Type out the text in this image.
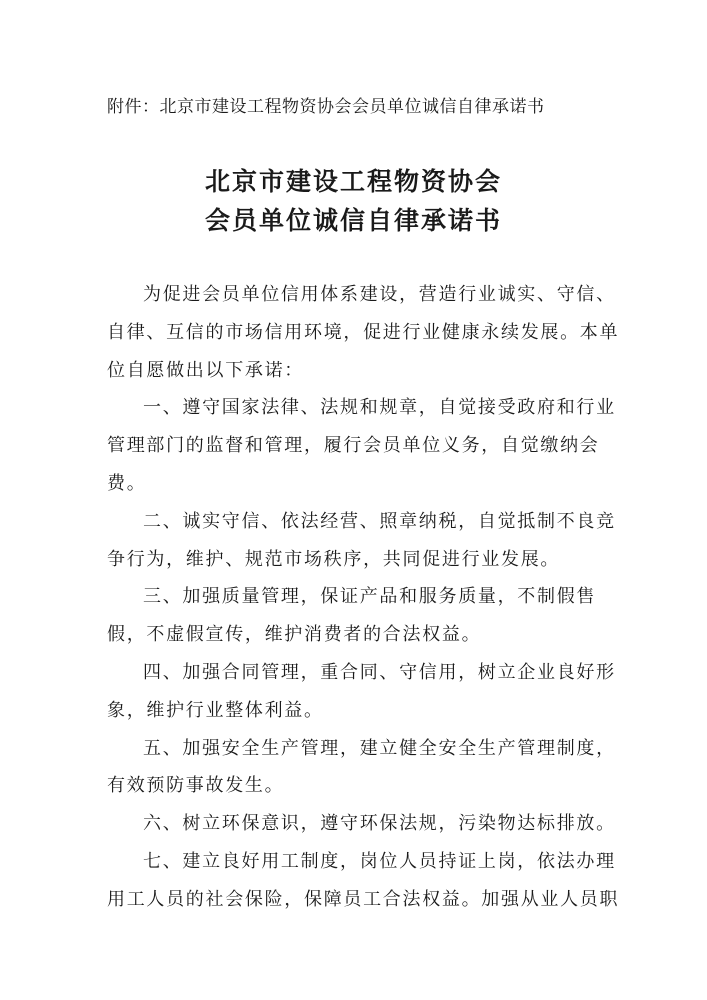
附件：北京市建设工程物资协会会员单位诚信自律承诺书
北京市建设工程物资协会
会员单位诚信自律承诺书

为促进会员单位信用体系建设，营造行业诚实、守信、自律、互信的市场信用环境，促进行业健康永续发展。本单位自愿做出以下承诺：

一、遵守国家法律、法规和规章，自觉接受政府和行业管理部门的监督和管理，履行会员单位义务，自觉缴纳会费。

二、诚实守信、依法经营、照章纳税，自觉抵制不良竞争行为，维护、规范市场秩序，共同促进行业发展。

三、加强质量管理，保证产品和服务质量，不制假售假，不虚假宣传，维护消费者的合法权益。

四、加强合同管理，重合同、守信用，树立企业良好形象，维护行业整体利益。

五、加强安全生产管理，建立健全安全生产管理制度，有效预防事故发生。

六、树立环保意识，遵守环保法规，污染物达标排放。

七、建立良好用工制度，岗位人员持证上岗，依法办理用工人员的社会保险，保障员工合法权益。加强从业人员职
